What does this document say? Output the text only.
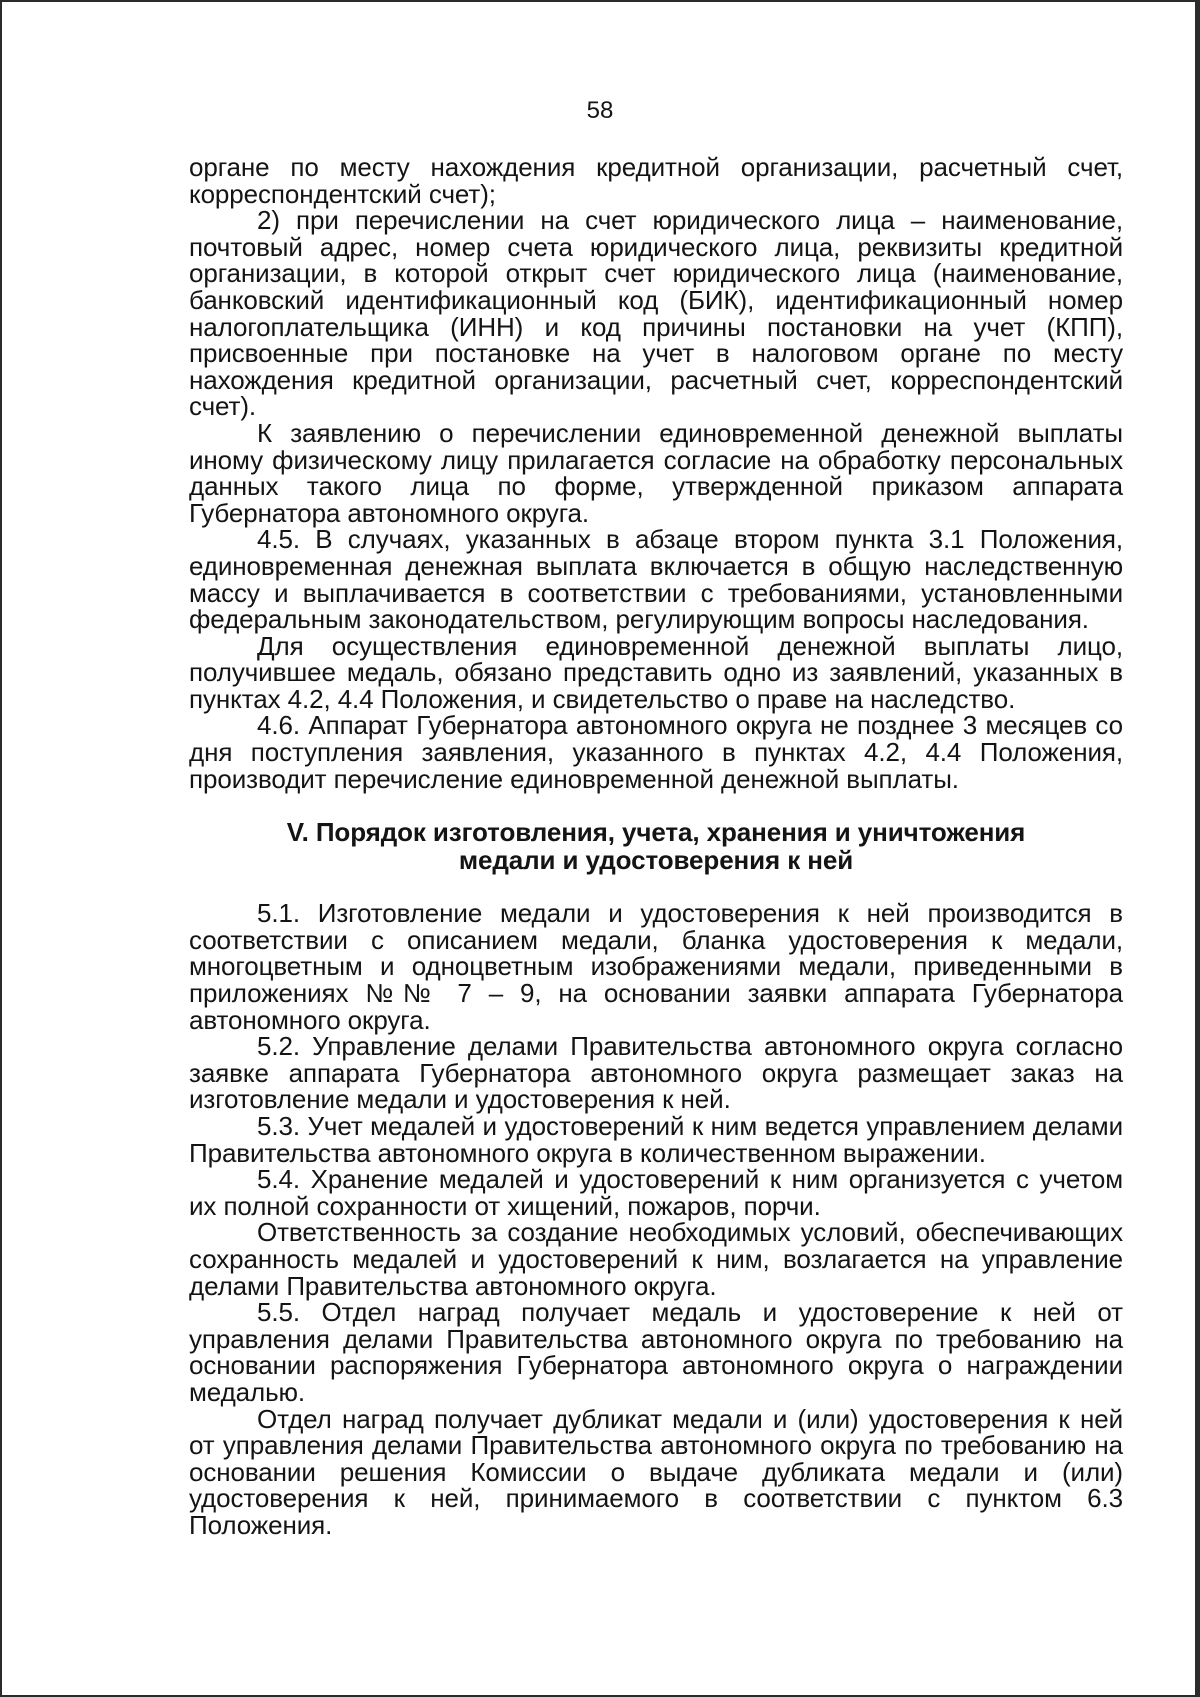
58

органе по месту нахождения кредитной организации, расчетный счет, корреспондентский счет);

2) при перечислении на счет юридического лица – наименование, почтовый адрес, номер счета юридического лица, реквизиты кредитной организации, в которой открыт счет юридического лица (наименование, банковский идентификационный код (БИК), идентификационный номер налогоплательщика (ИНН) и код причины постановки на учет (КПП), присвоенные при постановке на учет в налоговом органе по месту нахождения кредитной организации, расчетный счет, корреспондентский счет).

К заявлению о перечислении единовременной денежной выплаты иному физическому лицу прилагается согласие на обработку персональных данных такого лица по форме, утвержденной приказом аппарата Губернатора автономного округа.

4.5. В случаях, указанных в абзаце втором пункта 3.1 Положения, единовременная денежная выплата включается в общую наследственную массу и выплачивается в соответствии с требованиями, установленными федеральным законодательством, регулирующим вопросы наследования.

Для осуществления единовременной денежной выплаты лицо, получившее медаль, обязано представить одно из заявлений, указанных в пунктах 4.2, 4.4 Положения, и свидетельство о праве на наследство.

4.6. Аппарат Губернатора автономного округа не позднее 3 месяцев со дня поступления заявления, указанного в пунктах 4.2, 4.4 Положения, производит перечисление единовременной денежной выплаты.

V. Порядок изготовления, учета, хранения и уничтожения
медали и удостоверения к ней

5.1. Изготовление медали и удостоверения к ней производится в соответствии с описанием медали, бланка удостоверения к медали, многоцветным и одноцветным изображениями медали, приведенными в приложениях №№ 7 – 9, на основании заявки аппарата Губернатора автономного округа.

5.2. Управление делами Правительства автономного округа согласно заявке аппарата Губернатора автономного округа размещает заказ на изготовление медали и удостоверения к ней.

5.3. Учет медалей и удостоверений к ним ведется управлением делами Правительства автономного округа в количественном выражении.

5.4. Хранение медалей и удостоверений к ним организуется с учетом их полной сохранности от хищений, пожаров, порчи.

Ответственность за создание необходимых условий, обеспечивающих сохранность медалей и удостоверений к ним, возлагается на управление делами Правительства автономного округа.

5.5. Отдел наград получает медаль и удостоверение к ней от управления делами Правительства автономного округа по требованию на основании распоряжения Губернатора автономного округа о награждении медалью.

Отдел наград получает дубликат медали и (или) удостоверения к ней от управления делами Правительства автономного округа по требованию на основании решения Комиссии о выдаче дубликата медали и (или) удостоверения к ней, принимаемого в соответствии с пунктом 6.3 Положения.
